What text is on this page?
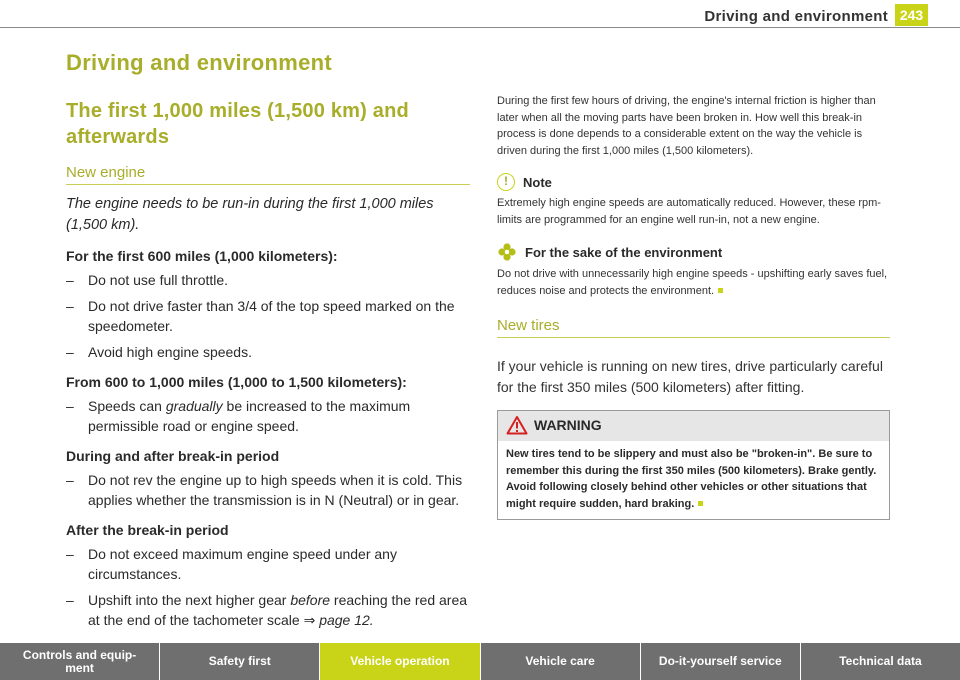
Driving and environment 243
Driving and environment
The first 1,000 miles (1,500 km) and afterwards
New engine

The engine needs to be run-in during the first 1,000 miles (1,500 km).

For the first 600 miles (1,000 kilometers):
– Do not use full throttle.
– Do not drive faster than 3/4 of the top speed marked on the speedometer.
– Avoid high engine speeds.
From 600 to 1,000 miles (1,000 to 1,500 kilometers):
– Speeds can gradually be increased to the maximum permissible road or engine speed.
During and after break-in period
– Do not rev the engine up to high speeds when it is cold. This applies whether the transmission is in N (Neutral) or in gear.
After the break-in period
– Do not exceed maximum engine speed under any circumstances.
– Upshift into the next higher gear before reaching the red area at the end of the tachometer scale ⇒ page 12.

During the first few hours of driving, the engine's internal friction is higher than later when all the moving parts have been broken in. How well this break-in process is done depends to a considerable extent on the way the vehicle is driven during the first 1,000 miles (1,500 kilometers).

!	Note

Extremely high engine speeds are automatically reduced. However, these rpm-limits are programmed for an engine well run-in, not a new engine.

For the sake of the environment

Do not drive with unnecessarily high engine speeds - upshifting early saves fuel, reduces noise and protects the environment.

New tires

If your vehicle is running on new tires, drive particularly careful for the first 350 miles (500 kilometers) after fitting.

WARNING

New tires tend to be slippery and must also be "broken-in". Be sure to remember this during the first 350 miles (500 kilometers). Brake gently. Avoid following closely behind other vehicles or other situations that might require sudden, hard braking.

Controls and equip-
ment	Safety first	Vehicle operation	Vehicle care	Do-it-yourself service	Technical data
